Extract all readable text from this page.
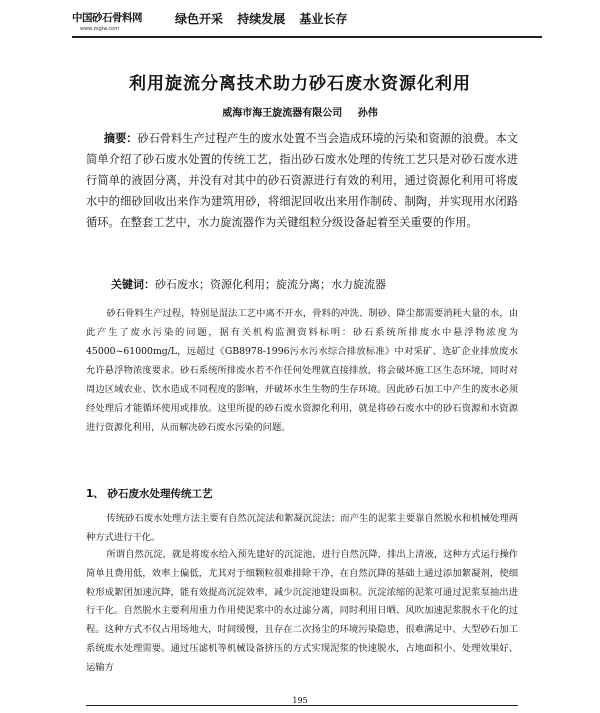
中国砂石骨料网
www.zsglw.com
绿色开采 持续发展 基业长存
利用旋流分离技术助力砂石废水资源化利用
威海市海王旋流器有限公司 孙伟
摘要：砂石骨料生产过程产生的废水处置不当会造成环境的污染和资源的浪费。本文简单介绍了砂石废水处置的传统工艺，指出砂石废水处理的传统工艺只是对砂石废水进行简单的液固分离，并没有对其中的砂石资源进行有效的利用，通过资源化利用可将废水中的细砂回收出来作为建筑用砂，将细泥回收出来用作制砖、制陶，并实现用水闭路循环。在整套工艺中，水力旋流器作为关键组粒分级设备起着至关重要的作用。
关键词：砂石废水；资源化利用；旋流分离；水力旋流器
砂石骨料生产过程，特别是湿法工艺中离不开水，骨料的冲洗、制砂、降尘都需要消耗大量的水，由此产生了废水污染的问题，据有关机构监测资料标明：砂石系统所排废水中悬浮物浓度为45000~61000mg/L，远超过《GB8978-1996污水污水综合排放标准》中对采矿、选矿企业排放废水允许悬浮物浓度要求。砂石系统所排废水若不作任何处理就直接排放，将会破坏施工区生态环境，同时对周边区域农业、饮水造成不同程度的影响，并破坏水生生物的生存环境。因此砂石加工中产生的废水必须经处理后才能循环使用或排放。这里所提的砂石废水资源化利用，就是将砂石废水中的砂石资源和水资源进行资源化利用，从而解决砂石废水污染的问题。
1、 砂石废水处理传统工艺
传统砂石废水处理方法主要有自然沉淀法和絮凝沉淀法；而产生的泥浆主要靠自然脱水和机械处理两种方式进行干化。
所谓自然沉淀，就是将废水给入预先建好的沉淀池，进行自然沉降，排出上清液，这种方式运行操作简单且费用低，效率上偏低，尤其对于细颗粒很难排除干净，在自然沉降的基础上通过添加絮凝剂，使细粒形成絮团加速沉降，能有效提高沉淀效率，减少沉淀池建设面积。沉淀浓缩的泥浆可通过泥浆泵抽出进行干化。自然脱水主要利用重力作用使泥浆中的水过滤分离，同时利用日晒、风吹加速泥浆脱水干化的过程。这种方式不仅占用场地大，时间缓慢，且存在二次扬尘的环境污染隐患，很难满足中、大型砂石加工系统废水处理需要。通过压滤机等机械设备挤压的方式实现泥浆的快速脱水，占地面积小、处理效果好、运输方
195
